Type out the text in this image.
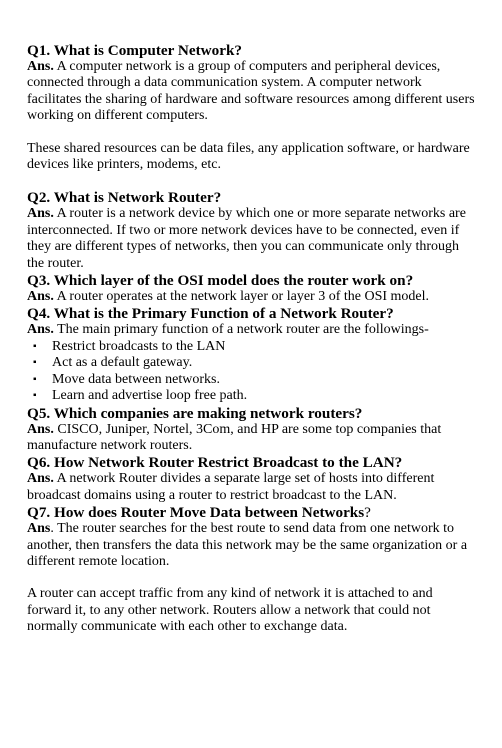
Q1. What is Computer Network?

Ans. A computer network is a group of computers and peripheral devices, connected through a data communication system. A computer network facilitates the sharing of hardware and software resources among different users working on different computers.

These shared resources can be data files, any application software, or hardware devices like printers, modems, etc.

Q2. What is Network Router?

Ans. A router is a network device by which one or more separate networks are interconnected. If two or more network devices have to be connected, even if they are different types of networks, then you can communicate only through the router.

Q3. Which layer of the OSI model does the router work on?

Ans. A router operates at the network layer or layer 3 of the OSI model.

Q4. What is the Primary Function of a Network Router?

Ans. The main primary function of a network router are the followings-

▪ Restrict broadcasts to the LAN
▪ Act as a default gateway.
▪ Move data between networks.
▪ Learn and advertise loop free path.

Q5. Which companies are making network routers?

Ans. CISCO, Juniper, Nortel, 3Com, and HP are some top companies that manufacture network routers.

Q6. How Network Router Restrict Broadcast to the LAN?

Ans. A network Router divides a separate large set of hosts into different broadcast domains using a router to restrict broadcast to the LAN.

Q7. How does Router Move Data between Networks?

Ans. The router searches for the best route to send data from one network to another, then transfers the data this network may be the same organization or a different remote location.

A router can accept traffic from any kind of network it is attached to and forward it, to any other network. Routers allow a network that could not normally communicate with each other to exchange data.
